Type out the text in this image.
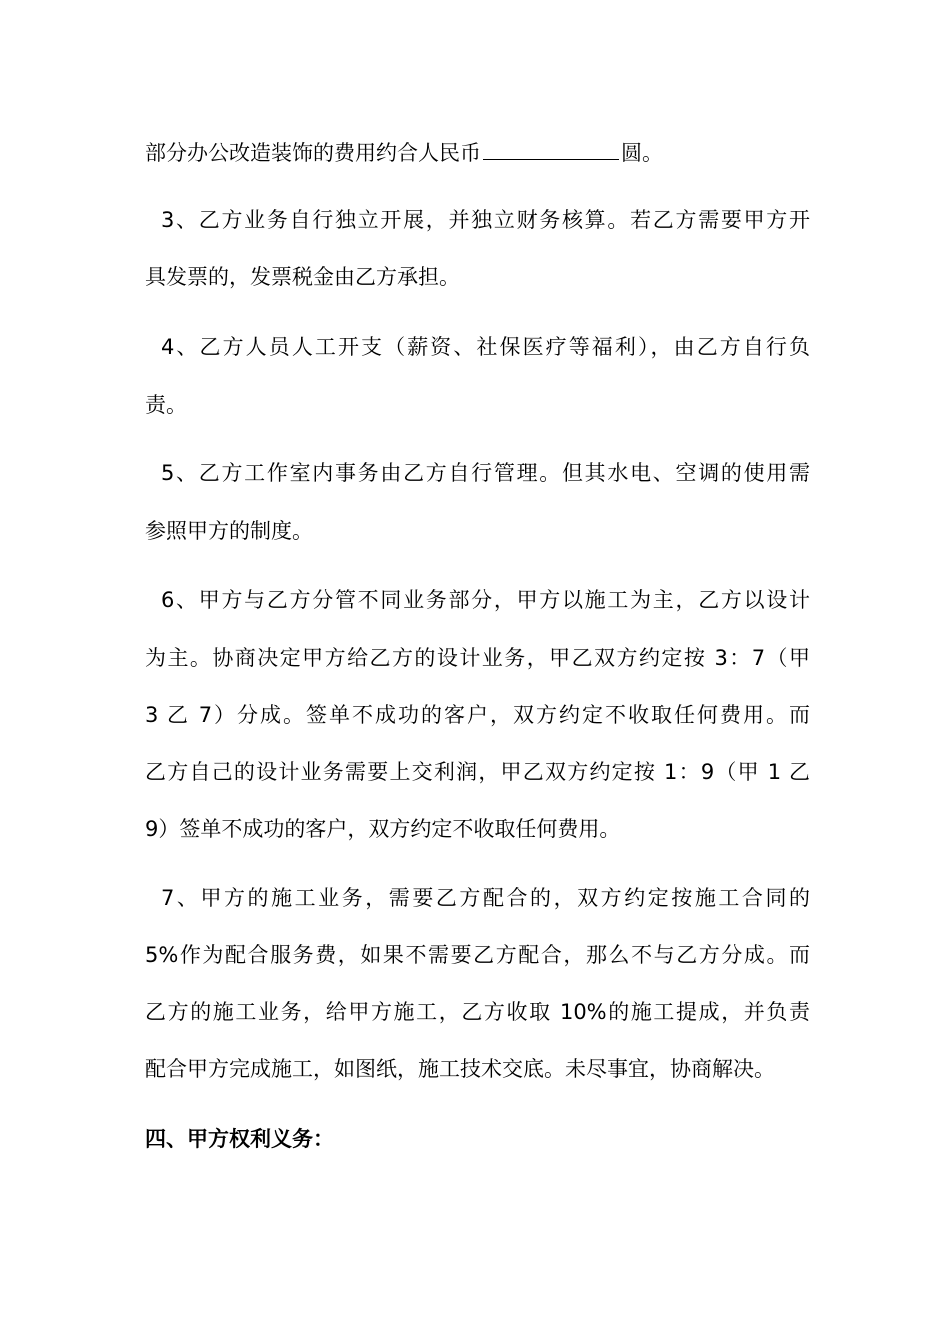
部分办公改造装饰的费用约合人民币	圆。
3、乙方业务自行独立开展，并独立财务核算。若乙方需要甲方开
具发票的，发票税金由乙方承担。
4、乙方人员人工开支（薪资、社保医疗等福利），由乙方自行负
责。
5、乙方工作室内事务由乙方自行管理。但其水电、空调的使用需
参照甲方的制度。
6、甲方与乙方分管不同业务部分，甲方以施工为主，乙方以设计
为主。协商决定甲方给乙方的设计业务，甲乙双方约定按 3：7（甲
3 乙 7）分成。签单不成功的客户，双方约定不收取任何费用。而
乙方自己的设计业务需要上交利润，甲乙双方约定按 1：9（甲 1 乙
9）签单不成功的客户，双方约定不收取任何费用。
7、甲方的施工业务，需要乙方配合的，双方约定按施工合同的
5%作为配合服务费，如果不需要乙方配合，那么不与乙方分成。而
乙方的施工业务，给甲方施工，乙方收取 10%的施工提成，并负责
配合甲方完成施工，如图纸，施工技术交底。未尽事宜，协商解决。
四、甲方权利义务：
